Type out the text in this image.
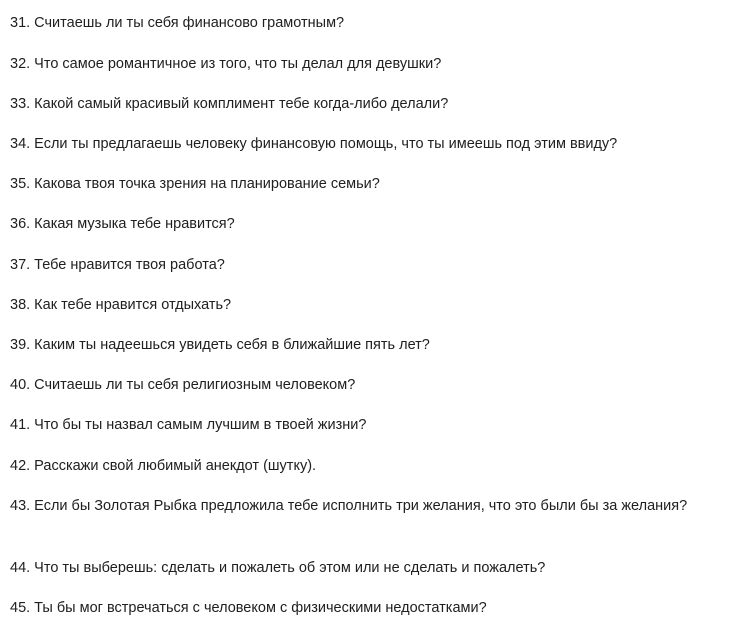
31. Считаешь ли ты себя финансово грамотным?
32. Что самое романтичное из того, что ты делал для девушки?
33. Какой самый красивый комплимент тебе когда-либо делали?
34. Если ты предлагаешь человеку финансовую помощь, что ты имеешь под этим ввиду?
35. Какова твоя точка зрения на планирование семьи?
36. Какая музыка тебе нравится?
37. Тебе нравится твоя работа?
38. Как тебе нравится отдыхать?
39. Каким ты надеешься увидеть себя в ближайшие пять лет?
40. Считаешь ли ты себя религиозным человеком?
41. Что бы ты назвал самым лучшим в твоей жизни?
42. Расскажи свой любимый анекдот (шутку).
43. Если бы Золотая Рыбка предложила тебе исполнить три желания, что это были бы за желания?
44. Что ты выберешь: сделать и пожалеть об этом или не сделать и пожалеть?
45. Ты бы мог встречаться с человеком с физическими недостатками?
